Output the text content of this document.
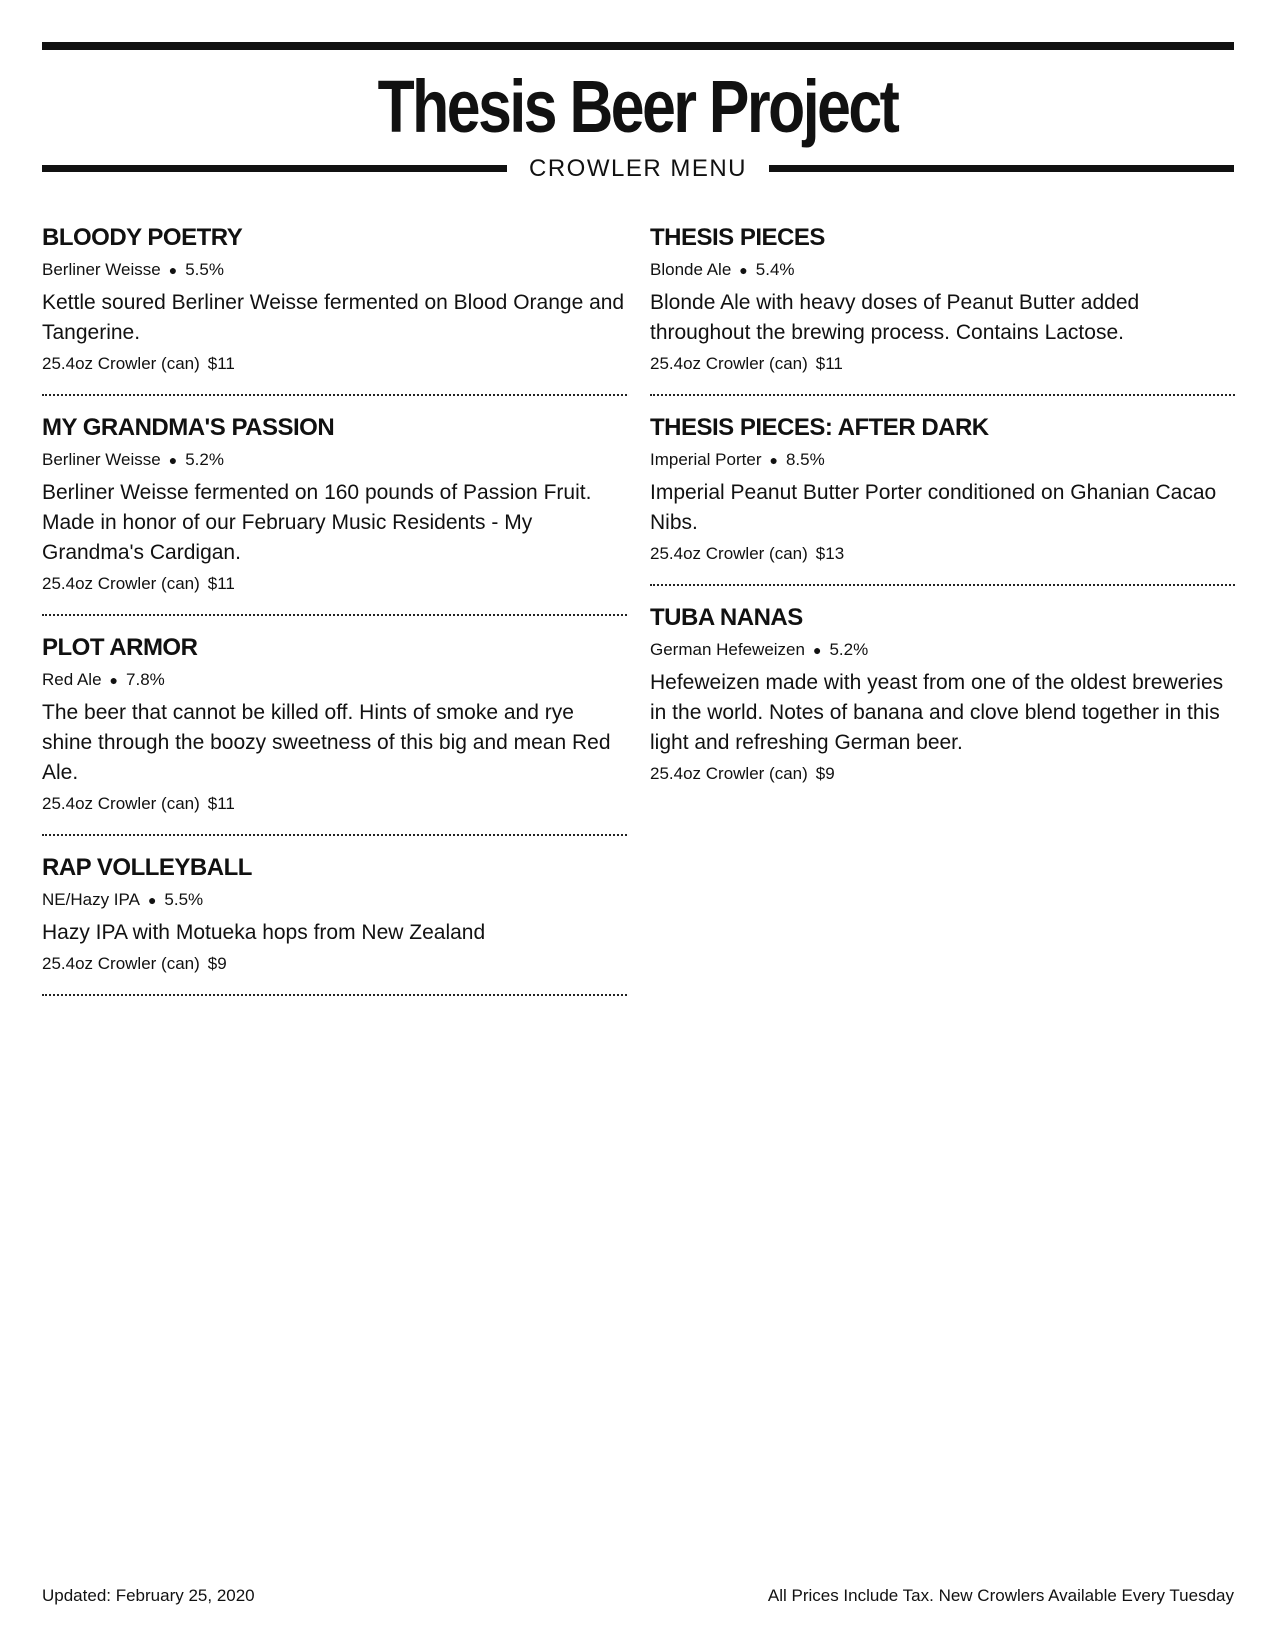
Thesis Beer Project
CROWLER MENU
BLOODY POETRY
Berliner Weisse ● 5.5%
Kettle soured Berliner Weisse fermented on Blood Orange and Tangerine.
25.4oz Crowler (can) $11
MY GRANDMA'S PASSION
Berliner Weisse ● 5.2%
Berliner Weisse fermented on 160 pounds of Passion Fruit. Made in honor of our February Music Residents - My Grandma's Cardigan.
25.4oz Crowler (can) $11
PLOT ARMOR
Red Ale ● 7.8%
The beer that cannot be killed off. Hints of smoke and rye shine through the boozy sweetness of this big and mean Red Ale.
25.4oz Crowler (can) $11
RAP VOLLEYBALL
NE/Hazy IPA ● 5.5%
Hazy IPA with Motueka hops from New Zealand
25.4oz Crowler (can) $9
THESIS PIECES
Blonde Ale ● 5.4%
Blonde Ale with heavy doses of Peanut Butter added throughout the brewing process. Contains Lactose.
25.4oz Crowler (can) $11
THESIS PIECES: AFTER DARK
Imperial Porter ● 8.5%
Imperial Peanut Butter Porter conditioned on Ghanian Cacao Nibs.
25.4oz Crowler (can) $13
TUBA NANAS
German Hefeweizen ● 5.2%
Hefeweizen made with yeast from one of the oldest breweries in the world. Notes of banana and clove blend together in this light and refreshing German beer.
25.4oz Crowler (can) $9
Updated: February 25, 2020	All Prices Include Tax. New Crowlers Available Every Tuesday
